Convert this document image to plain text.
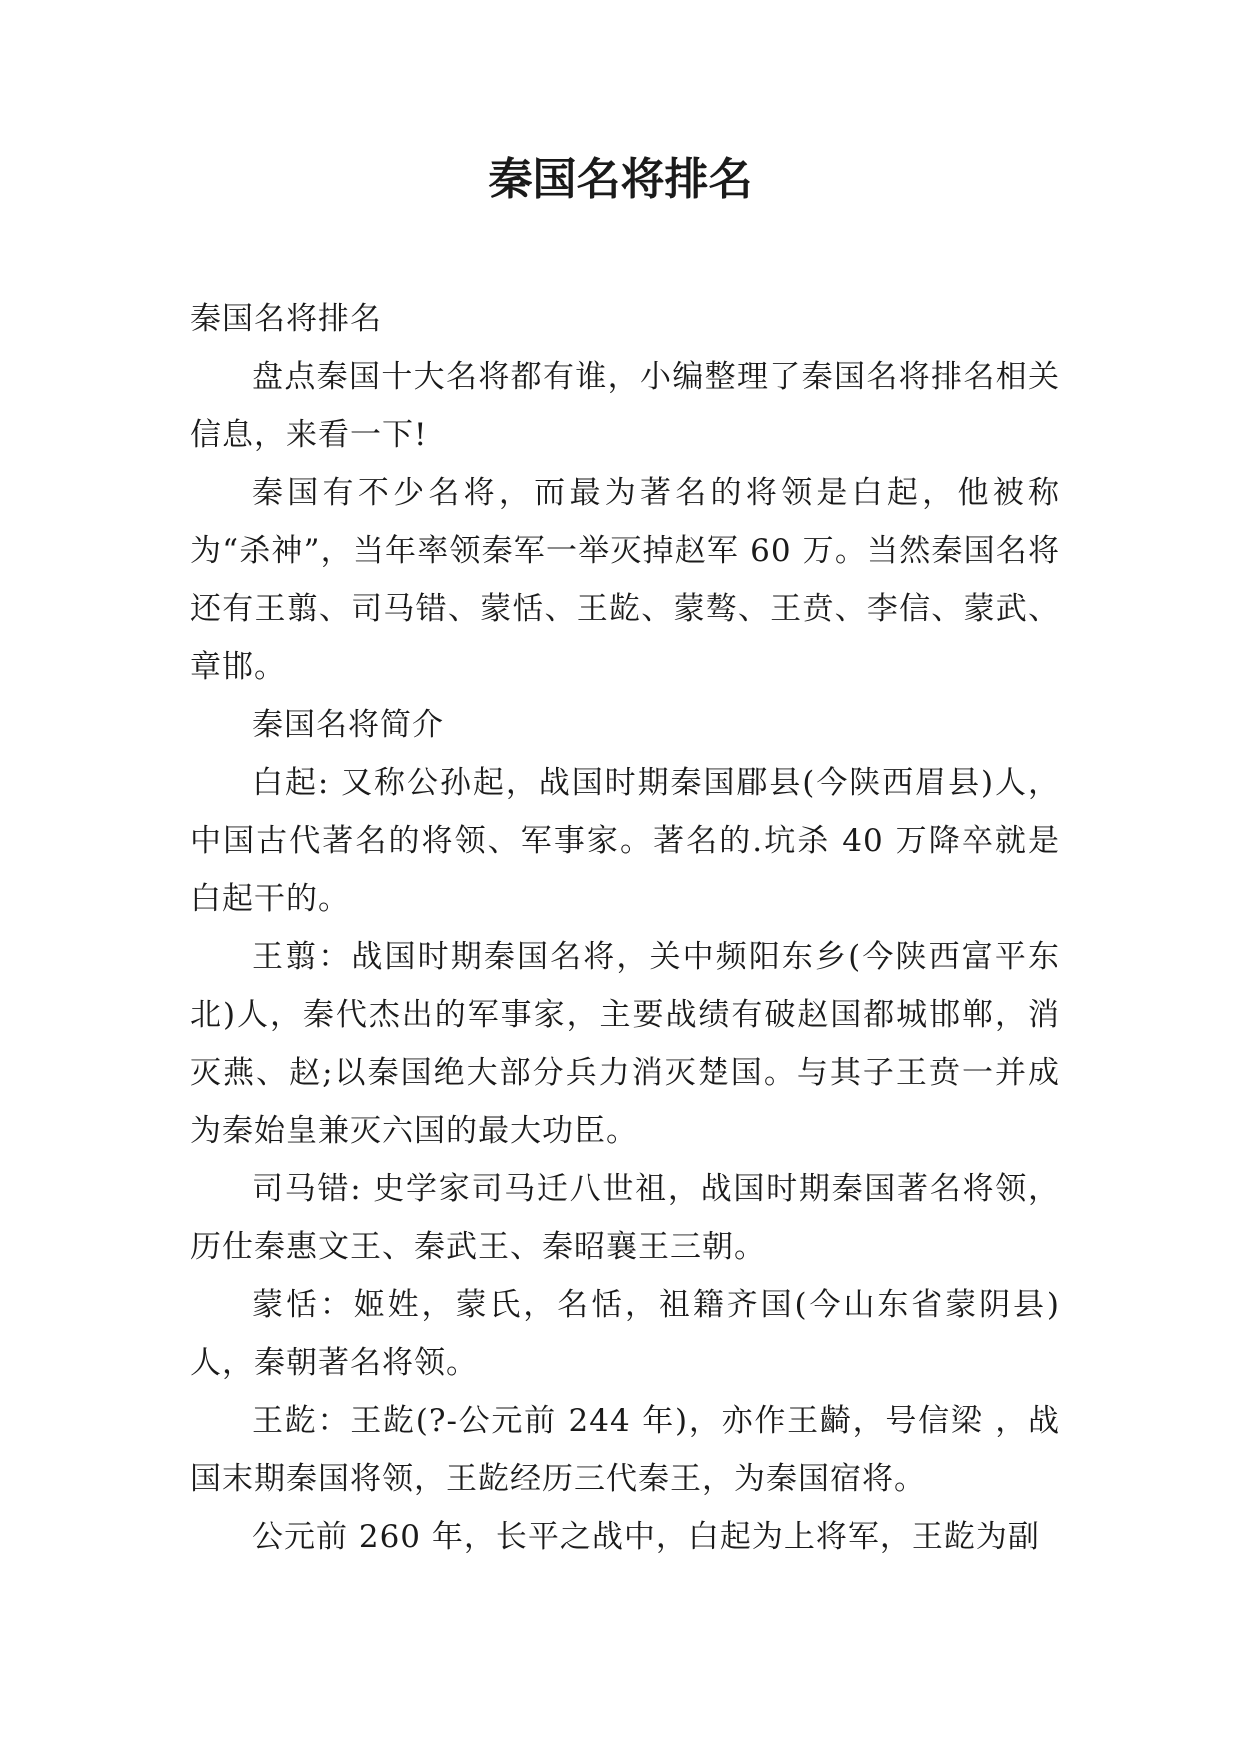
秦国名将排名

秦国名将排名

盘点秦国十大名将都有谁，小编整理了秦国名将排名相关信息，来看一下!

秦国有不少名将，而最为著名的将领是白起，他被称为“杀神”，当年率领秦军一举灭掉赵军 60 万。当然秦国名将还有王翦、司马错、蒙恬、王龁、蒙骜、王贲、李信、蒙武、章邯。

秦国名将简介

白起: 又称公孙起，战国时期秦国郿县(今陕西眉县)人，中国古代著名的将领、军事家。著名的.坑杀 40 万降卒就是白起干的。

王翦：战国时期秦国名将，关中频阳东乡(今陕西富平东北)人，秦代杰出的军事家，主要战绩有破赵国都城邯郸，消灭燕、赵;以秦国绝大部分兵力消灭楚国。与其子王贲一并成为秦始皇兼灭六国的最大功臣。

司马错: 史学家司马迁八世祖，战国时期秦国著名将领，历仕秦惠文王、秦武王、秦昭襄王三朝。

蒙恬：姬姓，蒙氏，名恬，祖籍齐国(今山东省蒙阴县)人，秦朝著名将领。

王龁：王龁(?-公元前 244 年)，亦作王齮，号信梁 ，战国末期秦国将领，王龁经历三代秦王，为秦国宿将。

公元前 260 年，长平之战中，白起为上将军，王龁为副
